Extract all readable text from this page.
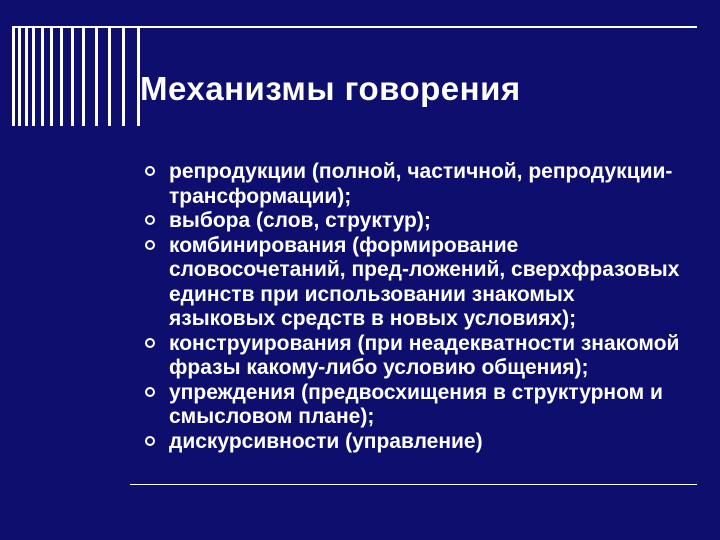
Механизмы говорения
репродукции (полной, частичной, репродукции-трансформации);
выбора (слов, структур);
комбинирования (формирование словосочетаний, пред-ложений, сверхфразовых единств при использовании знакомых языковых средств в новых условиях);
конструирования (при неадекватности знакомой фразы какому-либо условию общения);
упреждения (предвосхищения в структурном и смысловом плане);
дискурсивности (управление)
